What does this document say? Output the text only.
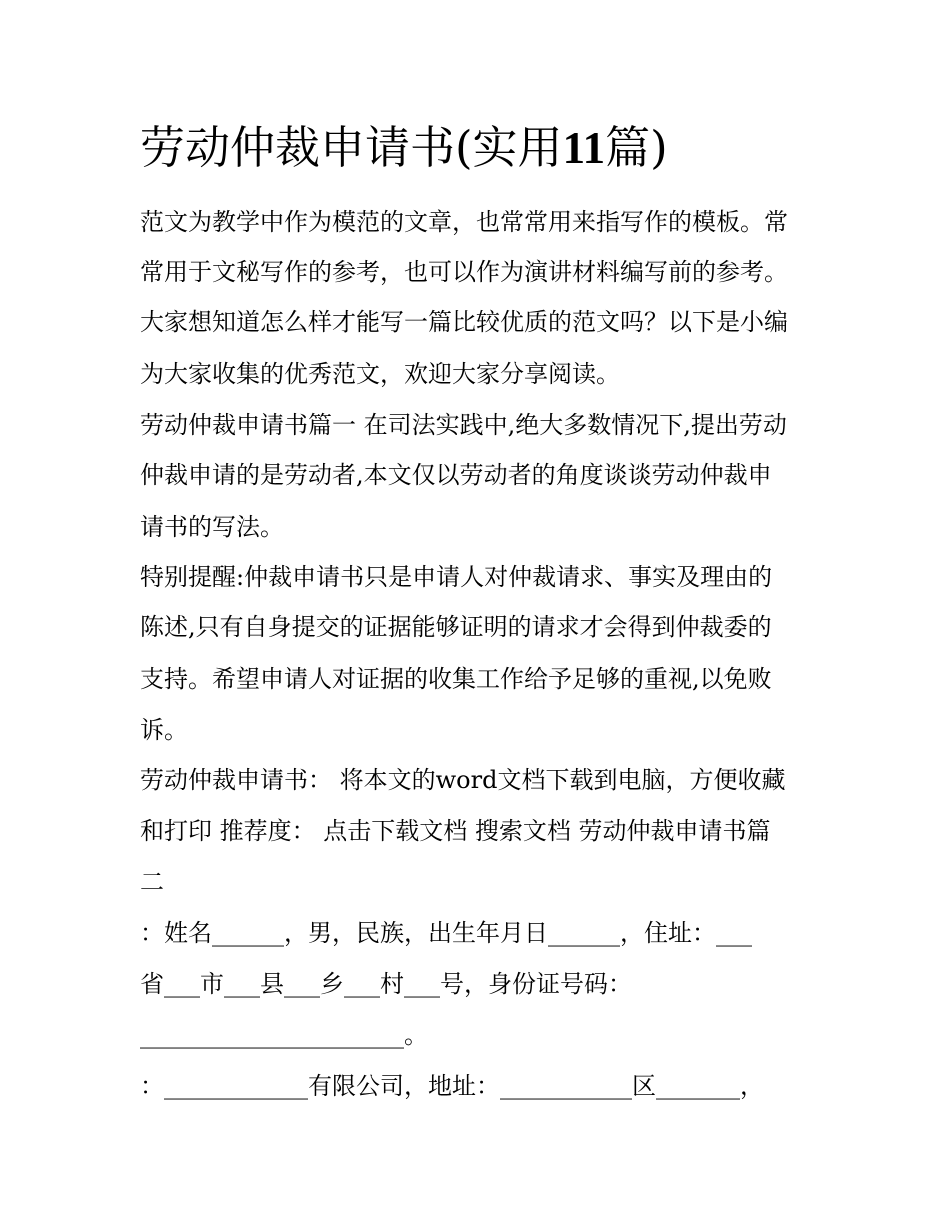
劳动仲裁申请书(实用11篇)
范文为教学中作为模范的文章，也常常用来指写作的模板。常
常用于文秘写作的参考，也可以作为演讲材料编写前的参考。
大家想知道怎么样才能写一篇比较优质的范文吗？以下是小编
为大家收集的优秀范文，欢迎大家分享阅读。
劳动仲裁申请书篇一 在司法实践中,绝大多数情况下,提出劳动
仲裁申请的是劳动者,本文仅以劳动者的角度谈谈劳动仲裁申
请书的写法。
特别提醒:仲裁申请书只是申请人对仲裁请求、事实及理由的
陈述,只有自身提交的证据能够证明的请求才会得到仲裁委的
支持。希望申请人对证据的收集工作给予足够的重视,以免败
诉。
劳动仲裁申请书： 将本文的word文档下载到电脑，方便收藏
和打印 推荐度： 点击下载文档 搜索文档 劳动仲裁申请书篇
二
：姓名______，男，民族，出生年月日______，住址：___
省___市___县___乡___村___号，身份证号码：
______________________。
：____________有限公司，地址：___________区_______，
